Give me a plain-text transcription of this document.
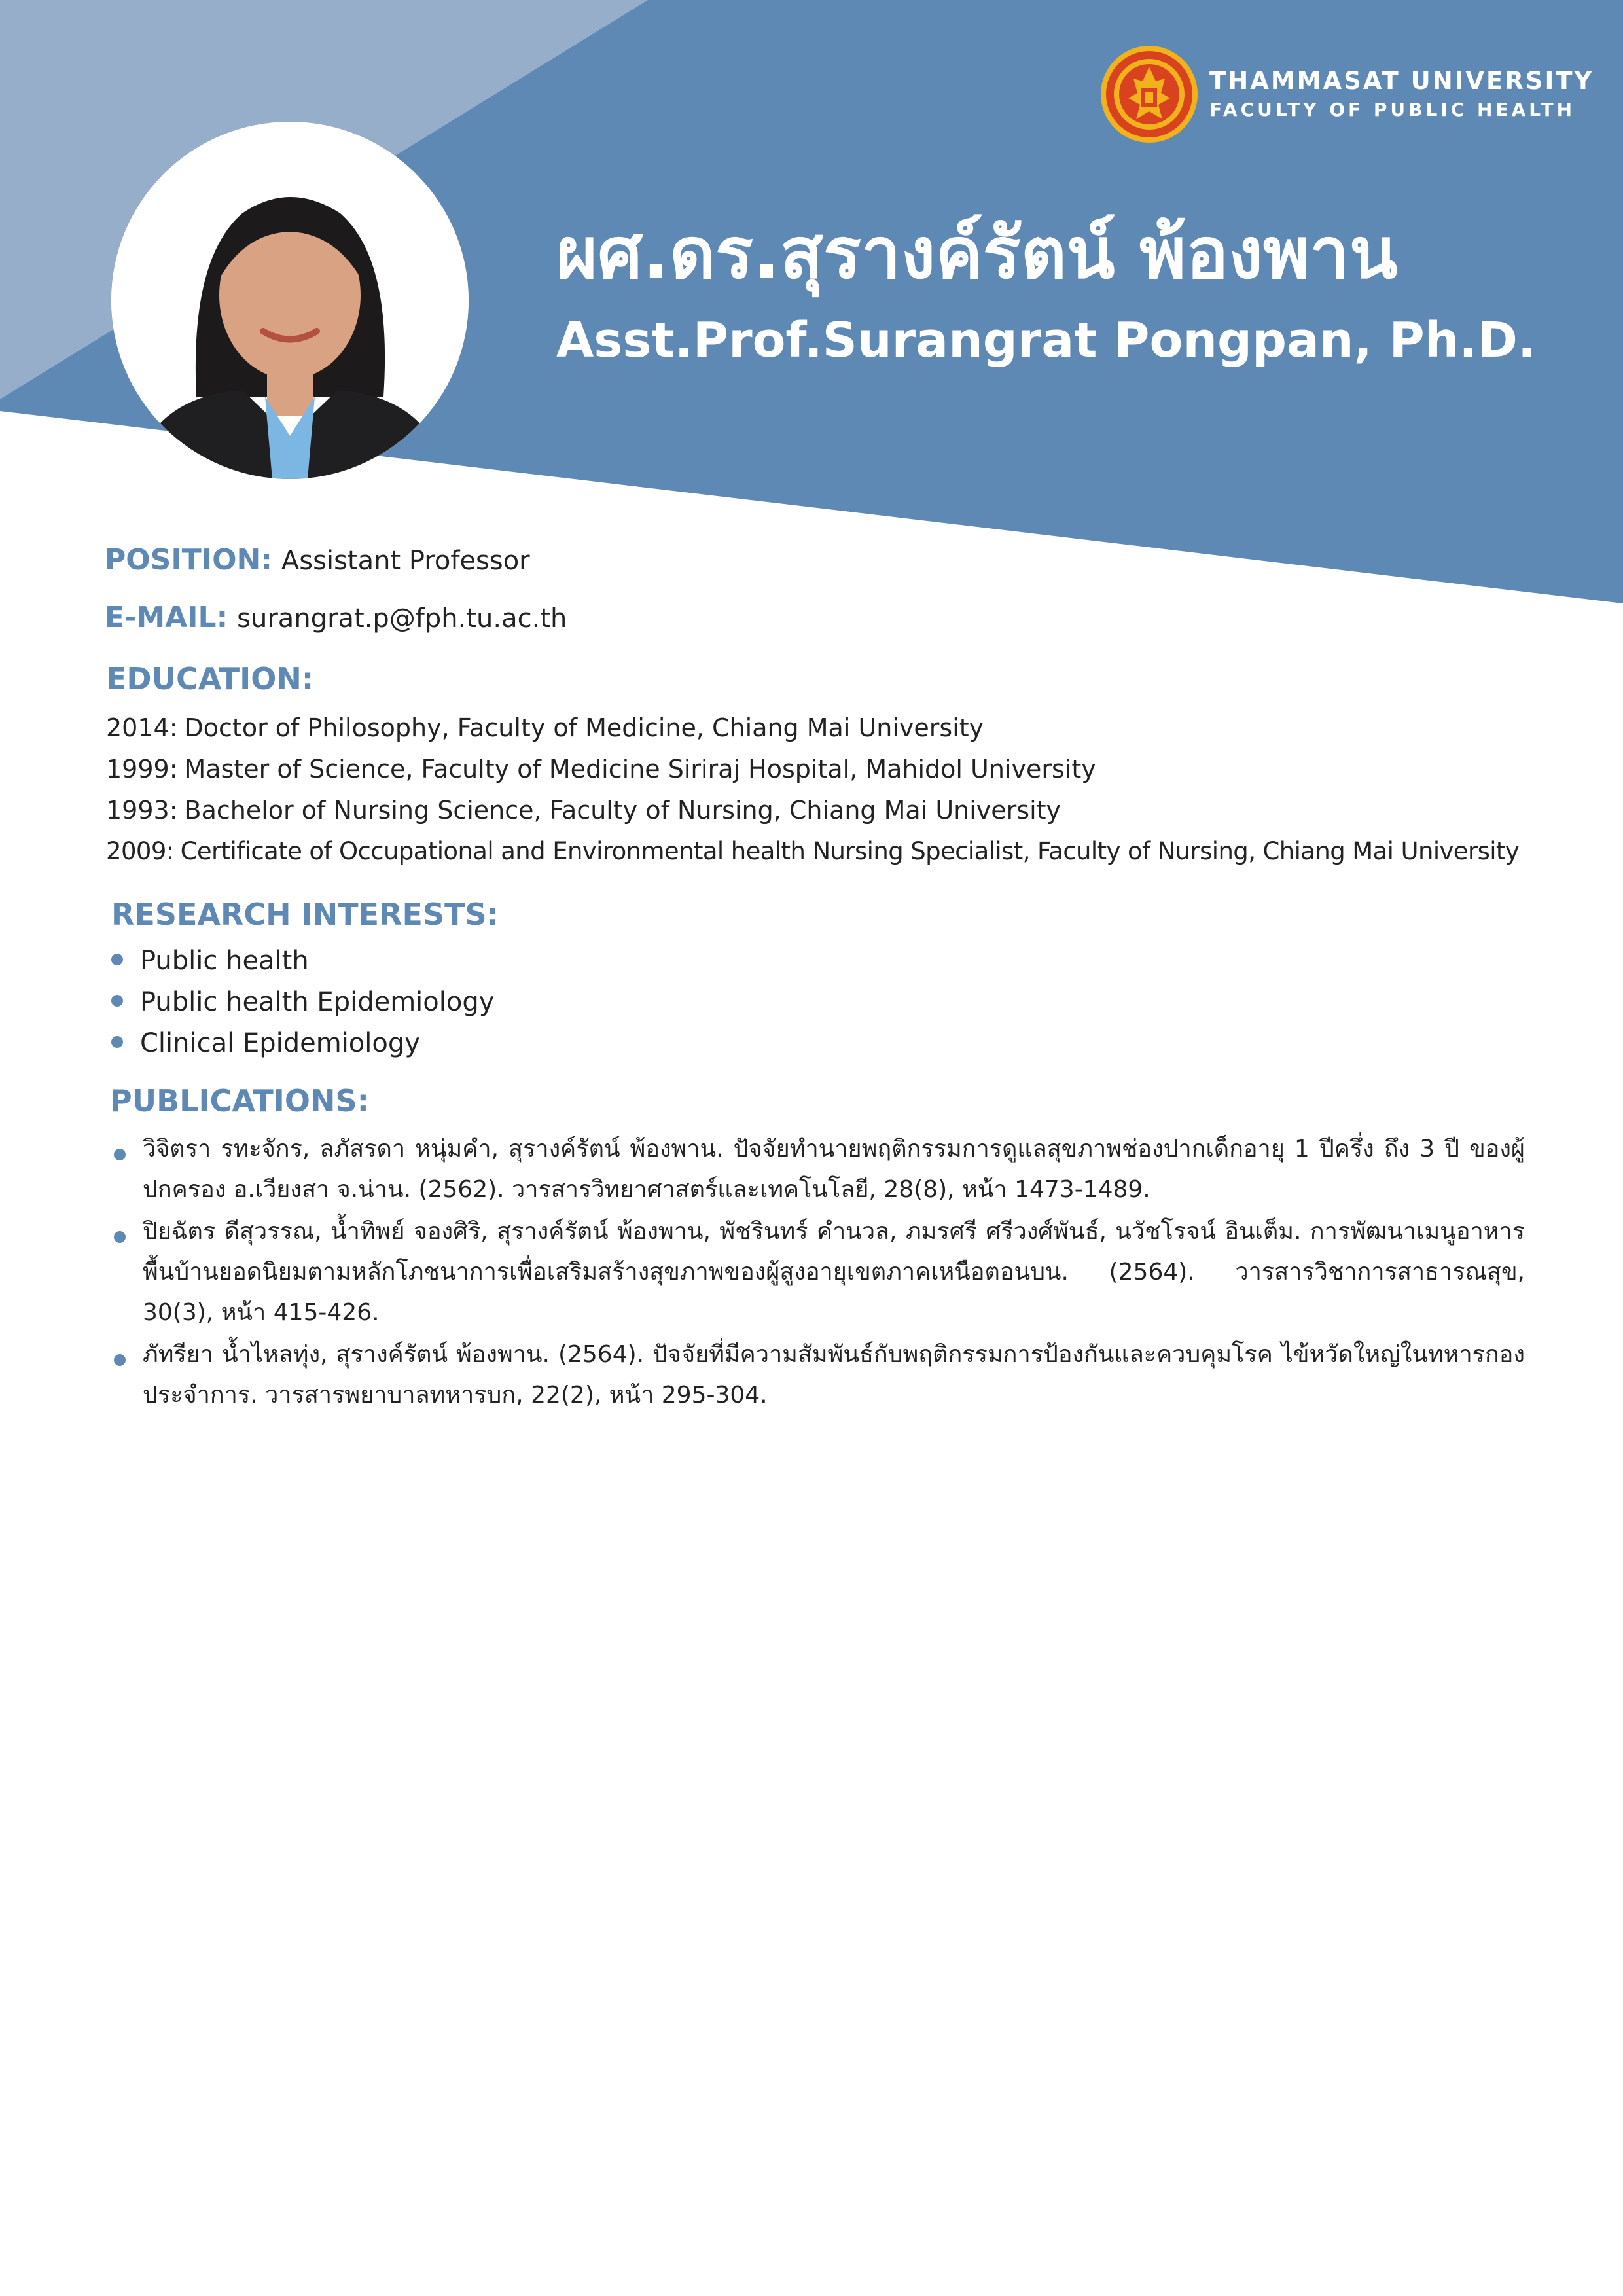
THAMMASAT UNIVERSITY
FACULTY OF PUBLIC HEALTH
ผศ.ดร.สุรางค์รัตน์ พ้องพาน
Asst.Prof.Surangrat Pongpan, Ph.D.
POSITION: Assistant Professor
E-MAIL: surangrat.p@fph.tu.ac.th
EDUCATION:
2014: Doctor of Philosophy, Faculty of Medicine, Chiang Mai University
1999: Master of Science, Faculty of Medicine Siriraj Hospital, Mahidol University
1993: Bachelor of Nursing Science, Faculty of Nursing, Chiang Mai University
2009: Certificate of Occupational and Environmental health Nursing Specialist, Faculty of Nursing, Chiang Mai University
RESEARCH INTERESTS:
Public health
Public health Epidemiology
Clinical Epidemiology
PUBLICATIONS:
วิจิตรา รทะจักร, ลภัสรดา หนุ่มคำ, สุรางค์รัตน์ พ้องพาน. ปัจจัยทำนายพฤติกรรมการดูแลสุขภาพช่องปากเด็กอายุ 1 ปีครึ่ง ถึง 3 ปี ของผู้ปกครอง อ.เวียงสา จ.น่าน. (2562). วารสารวิทยาศาสตร์และเทคโนโลยี, 28(8), หน้า 1473-1489.
ปิยฉัตร ดีสุวรรณ, น้ำทิพย์ จองศิริ, สุรางค์รัตน์ พ้องพาน, พัชรินทร์ คำนวล, ภมรศรี ศรีวงศ์พันธ์, นวัชโรจน์ อินเต็ม. การพัฒนาเมนูอาหารพื้นบ้านยอดนิยมตามหลักโภชนาการเพื่อเสริมสร้างสุขภาพของผู้สูงอายุเขตภาคเหนือตอนบน. (2564). วารสารวิชาการสาธารณสุข, 30(3), หน้า 415-426.
ภัทรียา น้ำไหลทุ่ง, สุรางค์รัตน์ พ้องพาน. (2564). ปัจจัยที่มีความสัมพันธ์กับพฤติกรรมการป้องกันและควบคุมโรค ไข้หวัดใหญ่ในทหารกองประจำการ. วารสารพยาบาลทหารบก, 22(2), หน้า 295-304.
